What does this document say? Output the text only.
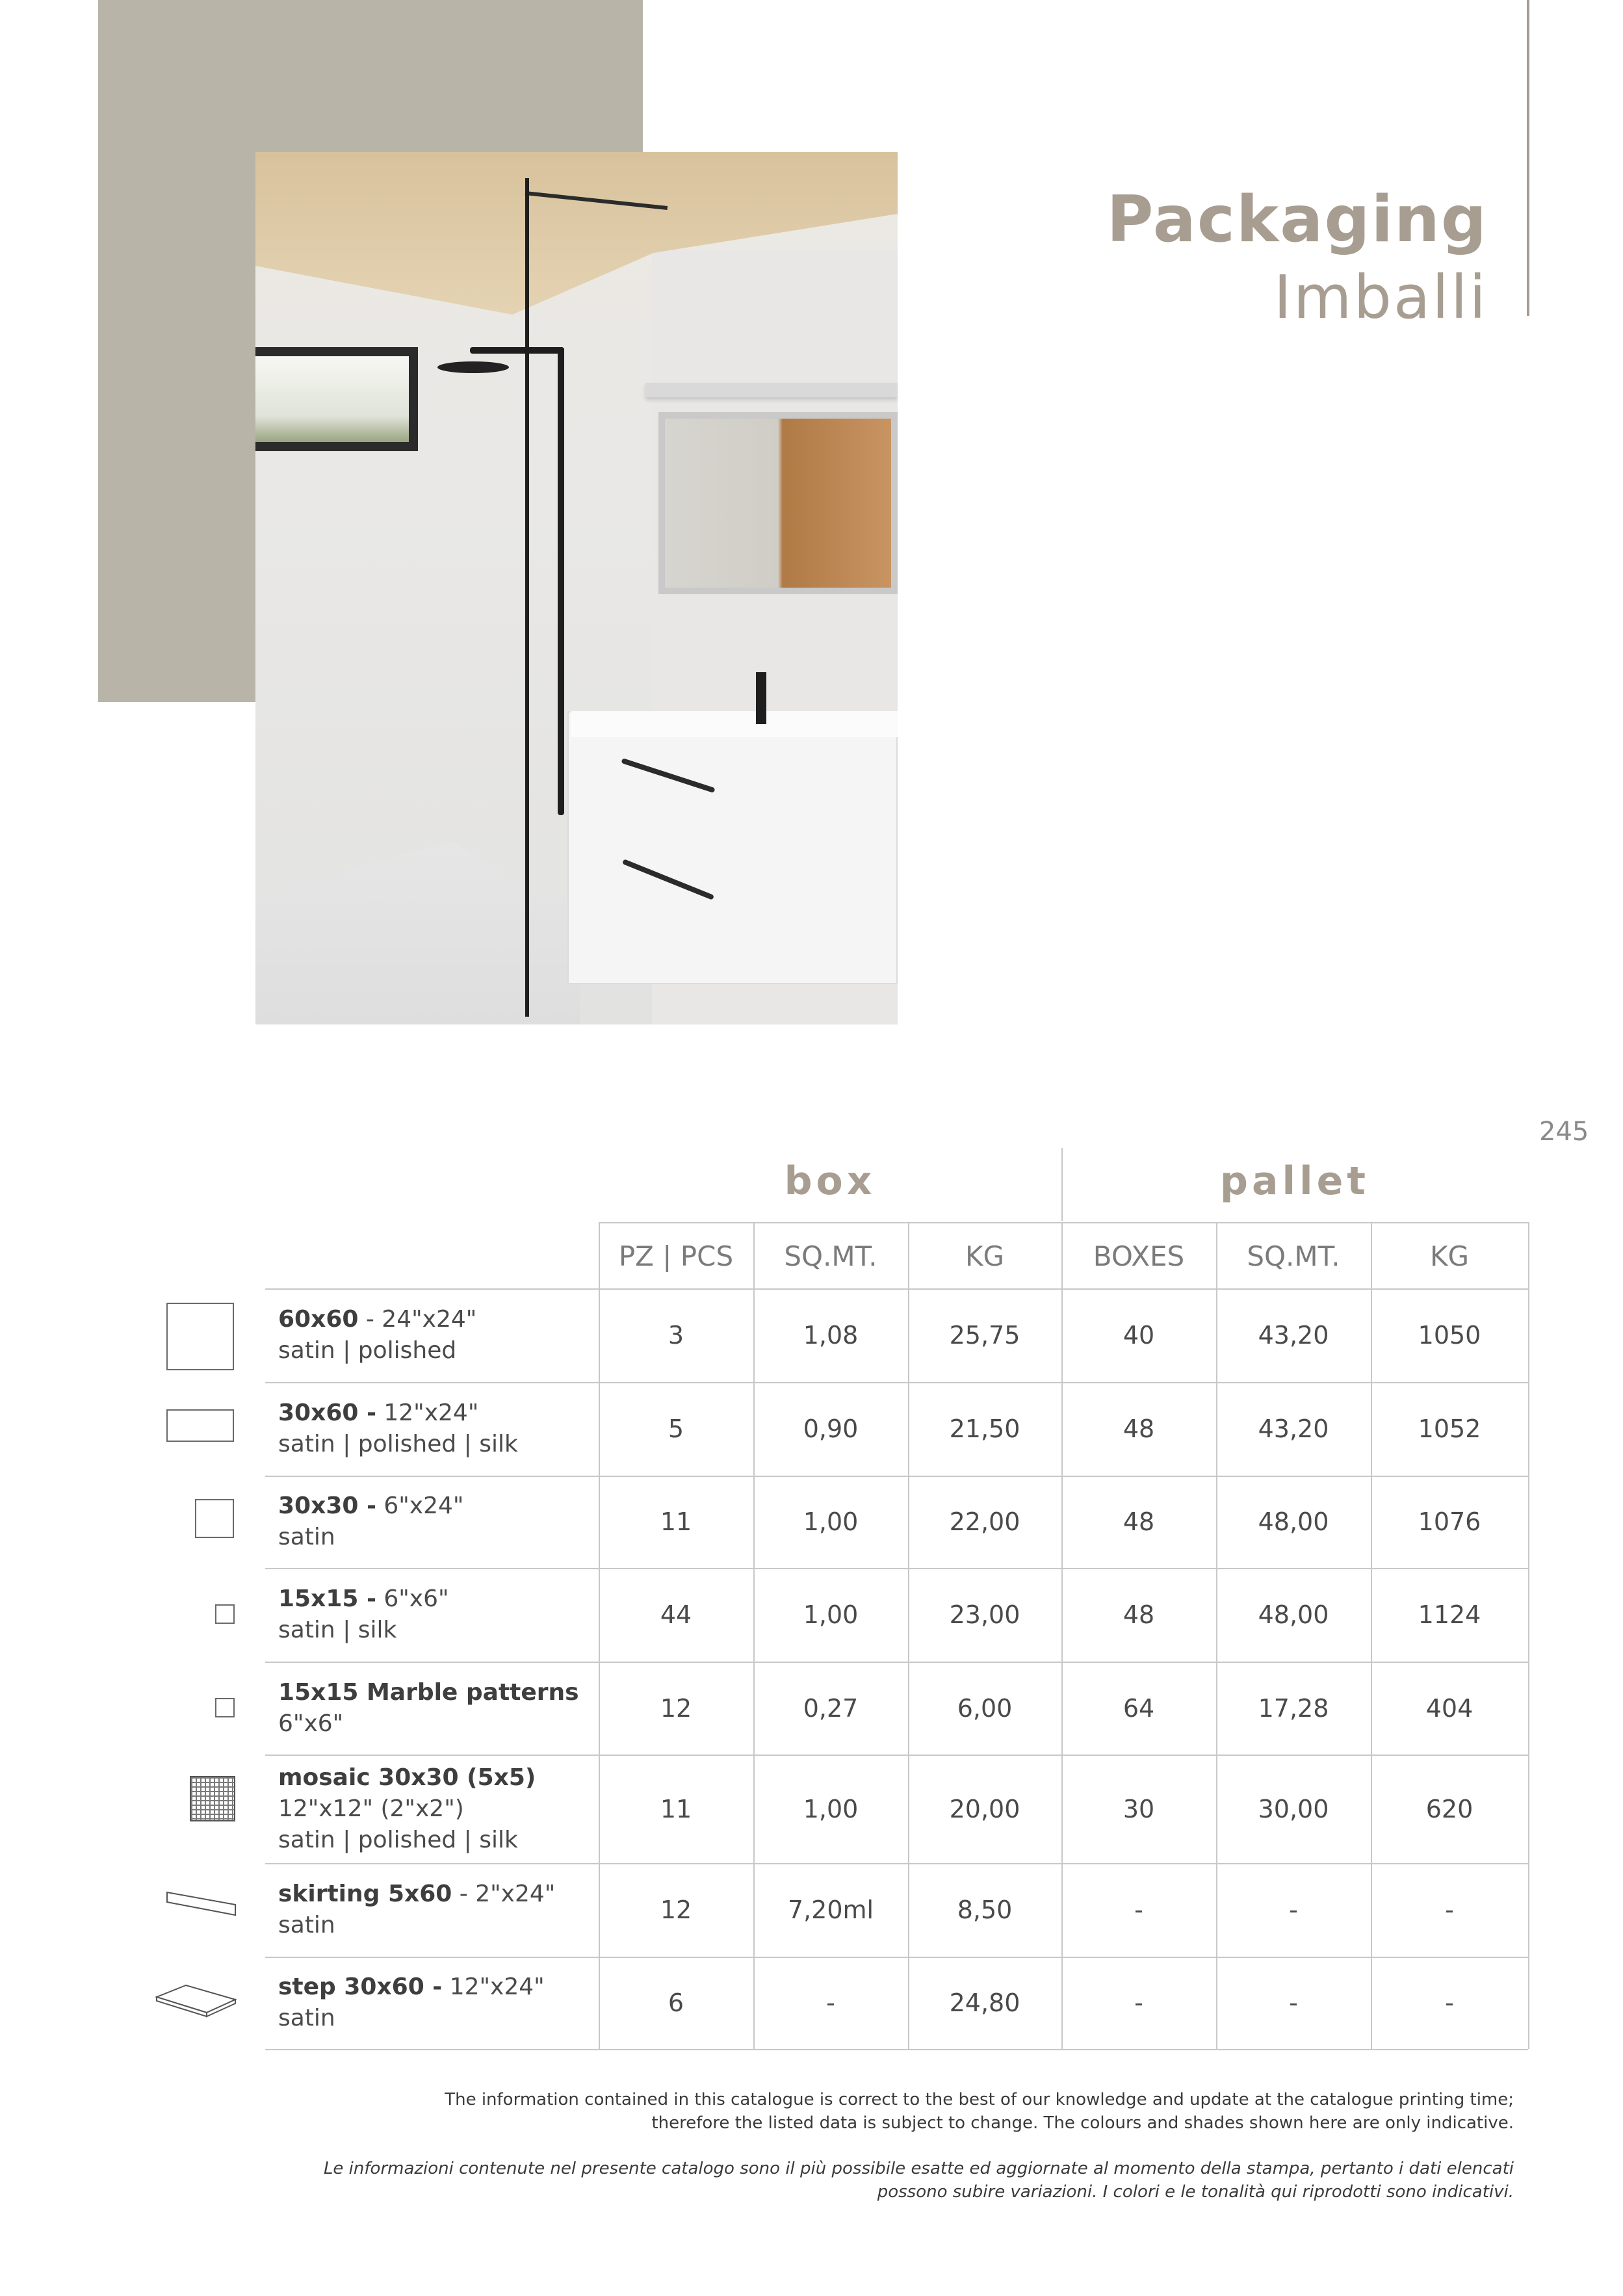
Packaging
Imballi
245
box	pallet
PZ | PCS	SQ.MT.	KG	BOXES	SQ.MT.	KG
60x60 - 24"x24"
satin | polished
3	1,08	25,75	40	43,20	1050
30x60 - 12"x24"
satin | polished | silk
5	0,90	21,50	48	43,20	1052
30x30 - 6"x24"
satin
11	1,00	22,00	48	48,00	1076
15x15 - 6"x6"
satin | silk
44	1,00	23,00	48	48,00	1124
15x15 Marble patterns
6"x6"
12	0,27	6,00	64	17,28	404
mosaic 30x30 (5x5)
12"x12" (2"x2")
satin | polished | silk
11	1,00	20,00	30	30,00	620
skirting 5x60 - 2"x24"
satin
12	7,20ml	8,50	-	-	-
step 30x60 - 12"x24"
satin
6	-	24,80	-	-	-
The information contained in this catalogue is correct to the best of our knowledge and update at the catalogue printing time;
therefore the listed data is subject to change. The colours and shades shown here are only indicative.
Le informazioni contenute nel presente catalogo sono il più possibile esatte ed aggiornate al momento della stampa, pertanto i dati elencati
possono subire variazioni. I colori e le tonalità qui riprodotti sono indicativi.
